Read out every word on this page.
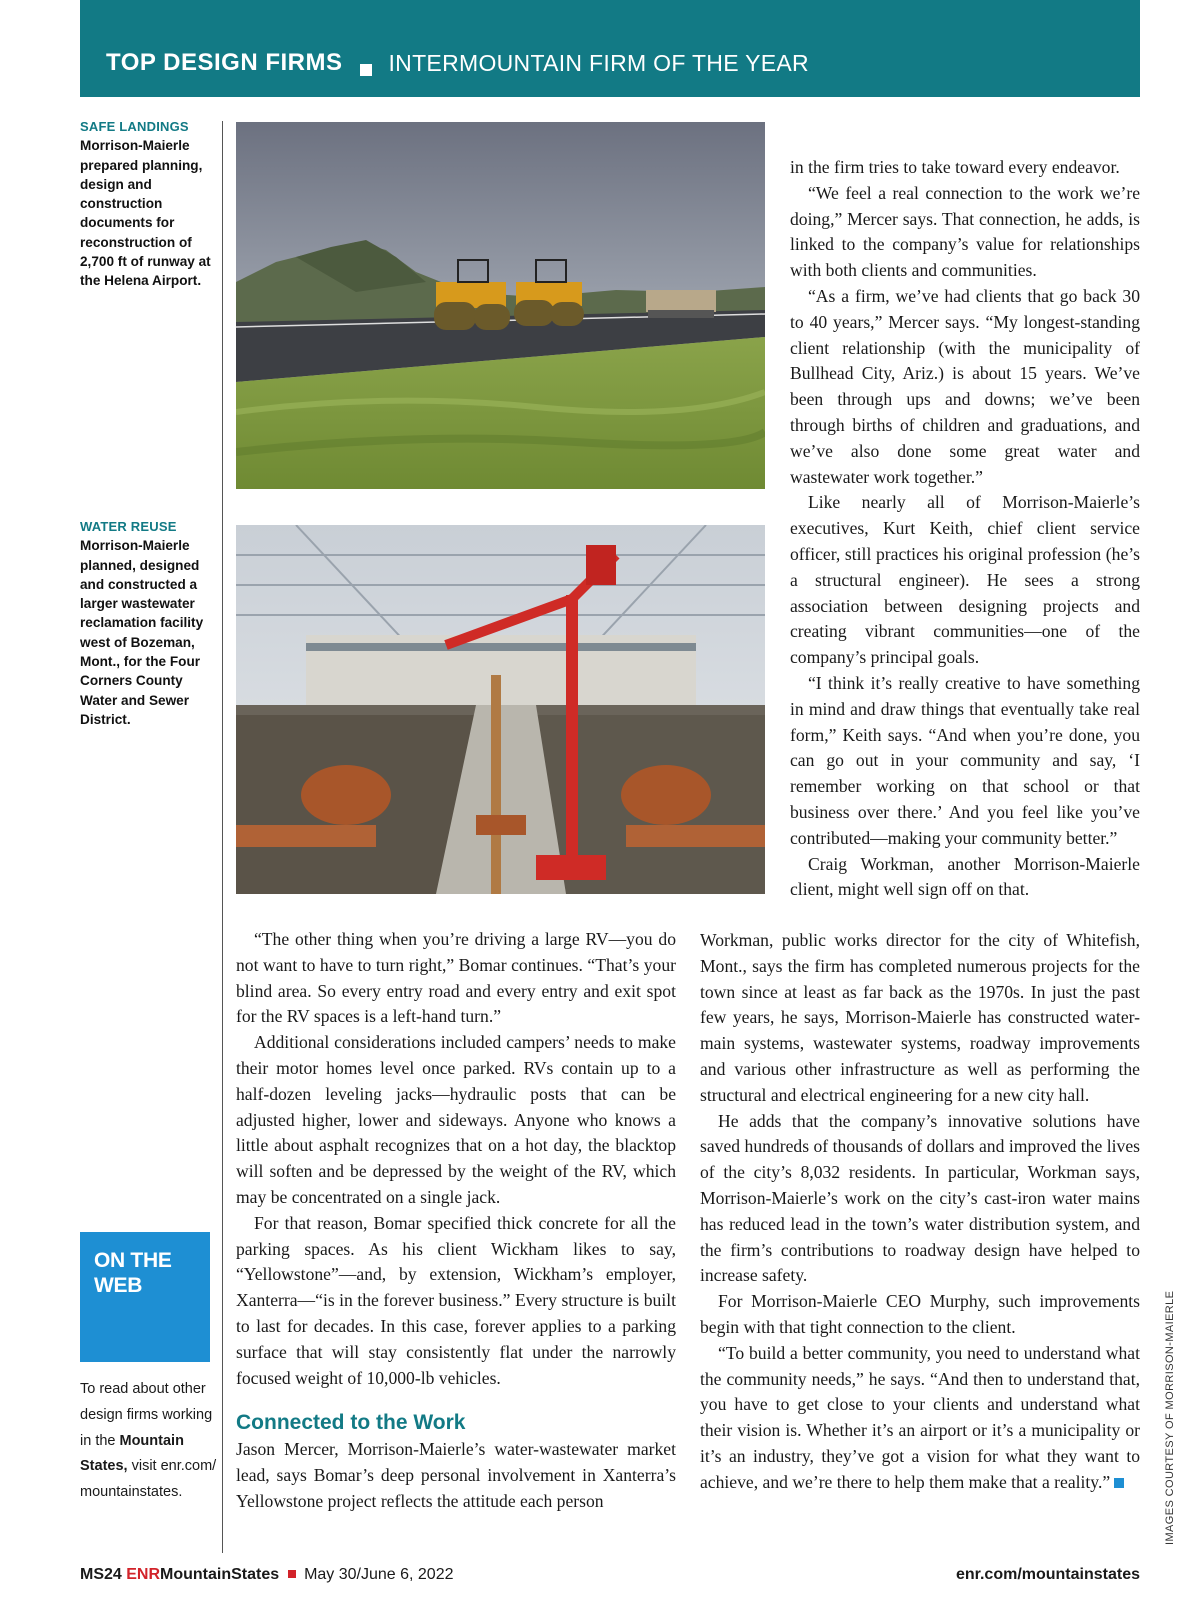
TOP DESIGN FIRMS INTERMOUNTAIN FIRM OF THE YEAR
SAFE LANDINGS
Morrison-Maierle prepared planning, design and construction documents for reconstruction of 2,700 ft of runway at the Helena Airport.
WATER REUSE
Morrison-Maierle planned, designed and constructed a larger wastewater reclamation facility west of Bozeman, Mont., for the Four Corners County Water and Sewer District.

“The other thing when you’re driving a large RV—you do not want to have to turn right,” Bomar continues. “That’s your blind area. So every entry road and every entry and exit spot for the RV spaces is a left-hand turn.”

Additional considerations included campers’ needs to make their motor homes level once parked. RVs contain up to a half-dozen leveling jacks—hydraulic posts that can be adjusted higher, lower and sideways. Anyone who knows a little about asphalt recognizes that on a hot day, the blacktop will soften and be depressed by the weight of the RV, which may be concentrated on a single jack.

For that reason, Bomar specified thick concrete for all the parking spaces. As his client Wickham likes to say, “Yellowstone”—and, by extension, Wickham’s employer, Xanterra—“is in the forever business.” Every structure is built to last for decades. In this case, forever applies to a parking surface that will stay consistently flat under the narrowly focused weight of 10,000-lb vehicles.

Connected to the Work

Jason Mercer, Morrison-Maierle’s water-wastewater market lead, says Bomar’s deep personal involvement in Xanterra’s Yellowstone project reflects the attitude each person

in the firm tries to take toward every endeavor.

“We feel a real connection to the work we’re doing,” Mercer says. That connection, he adds, is linked to the company’s value for relationships with both clients and communities.

“As a firm, we’ve had clients that go back 30 to 40 years,” Mercer says. “My longest-standing client relationship (with the municipality of Bullhead City, Ariz.) is about 15 years. We’ve been through ups and downs; we’ve been through births of children and graduations, and we’ve also done some great water and wastewater work together.”

Like nearly all of Morrison-Maierle’s executives, Kurt Keith, chief client service officer, still practices his original profession (he’s a structural engineer). He sees a strong association between designing projects and creating vibrant communities—one of the company’s principal goals.

“I think it’s really creative to have something in mind and draw things that eventually take real form,” Keith says. “And when you’re done, you can go out in your community and say, ‘I remember working on that school or that business over there.’ And you feel like you’ve contributed—making your community better.”

Craig Workman, another Morrison-Maierle client, might well sign off on that.

Workman, public works director for the city of Whitefish, Mont., says the firm has completed numerous projects for the town since at least as far back as the 1970s. In just the past few years, he says, Morrison-Maierle has constructed water-main systems, wastewater systems, roadway improvements and various other infrastructure as well as performing the structural and electrical engineering for a new city hall.

He adds that the company’s innovative solutions have saved hundreds of thousands of dollars and improved the lives of the city’s 8,032 residents. In particular, Workman says, Morrison-Maierle’s work on the city’s cast-iron water mains has reduced lead in the town’s water distribution system, and the firm’s contributions to roadway design have helped to increase safety.

For Morrison-Maierle CEO Murphy, such improvements begin with that tight connection to the client.

“To build a better community, you need to understand what the community needs,” he says. “And then to understand that, you have to get close to your clients and understand what their vision is. Whether it’s an airport or it’s a municipality or it’s an industry, they’ve got a vision for what they want to achieve, and we’re there to help them make that a reality.”

ON THE
WEB
To read about other design firms working in the Mountain States, visit enr.com/ mountainstates.	IMAGES COURTESY OF MORRISON-MAIERLE
MS24 ENRMountainStates May 30/June 6, 2022	enr.com/mountainstates
